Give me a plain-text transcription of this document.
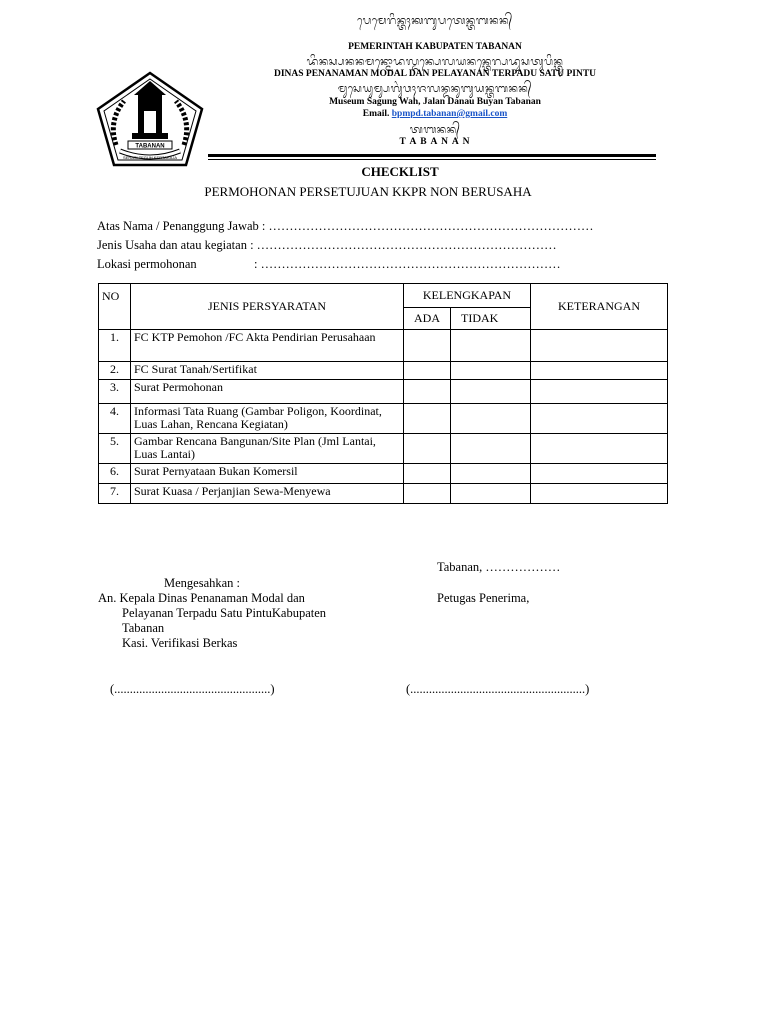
TABANAN
SERASI TEGUH KERTARAJA
ᬧᬾᬫᬾᬭᬶᬦ᭄ᬢᬄᬓᬩᬸᬧᬢᬾᬦ᭄ᬢᬩᬦᬦ᭄
PEMERINTAH KABUPATEN TABANAN
ᬤᬶᬦᬲ᭄ᬧᬦᬦᬫᬦ᭄ᬫᭀᬤᬮ᭄ᬤᬦ᭄ᬧᬾᬮᬬᬦᬦ᭄ᬢᬾᬭ᭄ᬧᬤᬸᬲᬢᬸᬧᬶᬦ᭄ᬢᬸ
DINAS PENANAMAN MODAL DAN PELAYANAN TERPADU SATU PINTU
ᬫᬸᬲᬾᬬᬸᬫ᭄ᬲᬕᬸᬂᬯᬄᬚᬮᬦ᭄ᬤᬦᬸᬩᬸᬬᬦ᭄ᬢᬩᬦᬦ᭄
Museum Sagung Wah, Jalan Danau Buyan Tabanan
Email. bpmpd.tabanan@gmail.com
ᬢᬩᬦᬦ᭄
T A B A N A N
CHECKLIST
PERMOHONAN PERSETUJUAN KKPR NON BERUSAHA
Atas Nama / Penanggung Jawab : ……………………………………………………………………
Jenis Usaha dan atau kegiatan : ………………………………………………………………
Lokasi permohonan	: ………………………………………………………………
NO	JENIS PERSYARATAN	KELENGKAPAN		KETERANGAN
		ADA	TIDAK	
1.	FC KTP Pemohon /FC Akta Pendirian Perusahaan			
2.	FC Surat Tanah/Sertifikat			
3.	Surat Permohonan			
4.	Informasi Tata Ruang (Gambar Poligon, Koordinat, Luas Lahan, Rencana Kegiatan)			
5.	Gambar Rencana Bangunan/Site Plan (Jml Lantai, Luas Lantai)			
6.	Surat Pernyataan Bukan Komersil			
7.	Surat Kuasa / Perjanjian Sewa-Menyewa			
Tabanan, ………………
Mengesahkan :
An. Kepala Dinas Penanaman Modal dan	Petugas Penerima,
Pelayanan Terpadu Satu PintuKabupaten
Tabanan
Kasi. Verifikasi Berkas
(..................................................)	(........................................................)
